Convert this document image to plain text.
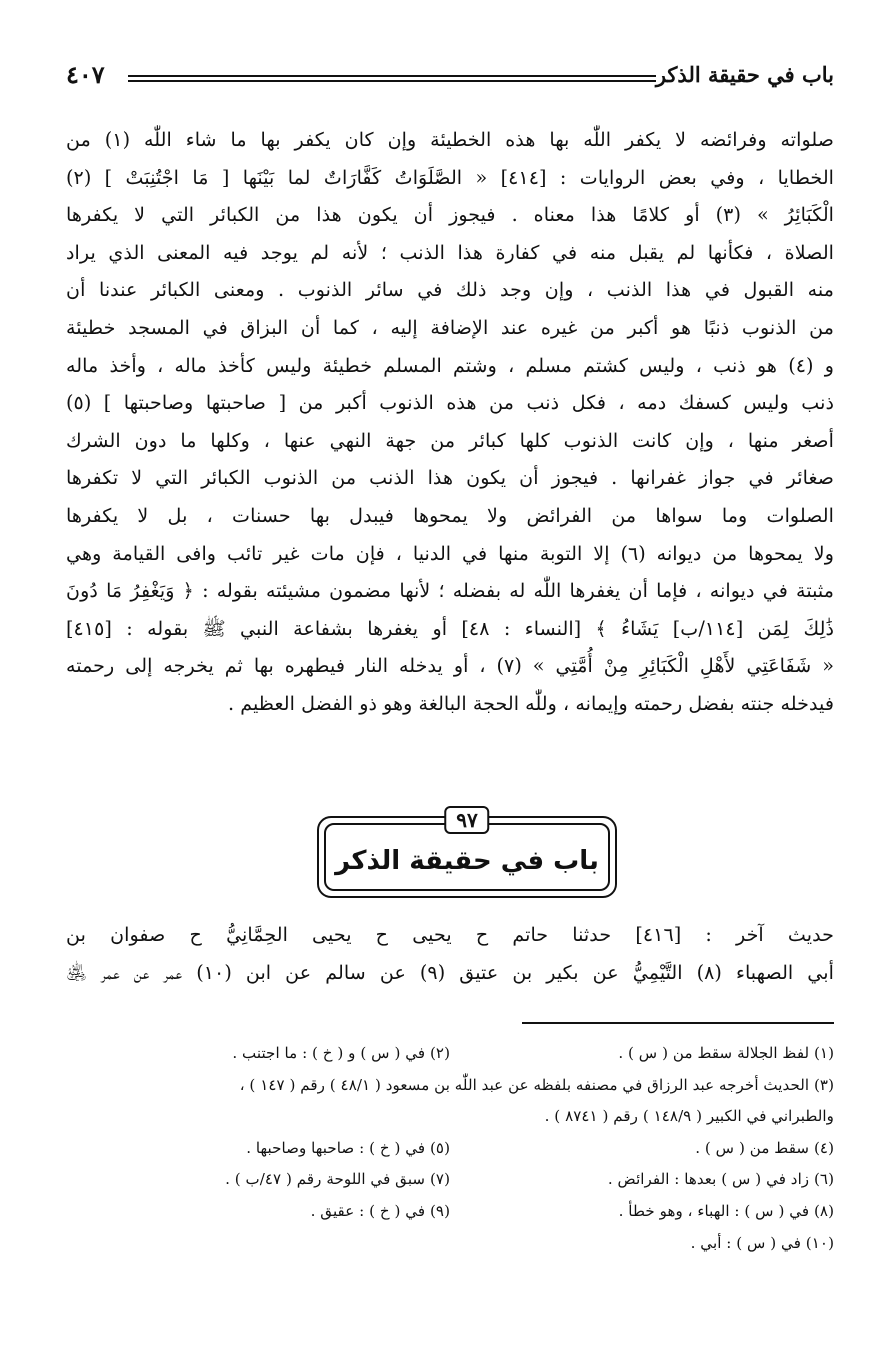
باب في حقيقة الذكر
٤٠٧
صلواته وفرائضه لا يكفر اللّٰه بها هذه الخطيئة وإن كان يكفر بها ما شاء اللّٰه (١) من
الخطايا ، وفي بعض الروايات : [٤١٤] « الصَّلَوَاتُ كَفَّارَاتٌ لما بَيْنَها [ مَا اجْتُنِبَتْ ] (٢)
الْكَبَائِرُ » (٣) أو كلامًا هذا معناه . فيجوز أن يكون هذا من الكبائر التي لا يكفرها
الصلاة ، فكأنها لم يقبل منه في كفارة هذا الذنب ؛ لأنه لم يوجد فيه المعنى الذي يراد
منه القبول في هذا الذنب ، وإن وجد ذلك في سائر الذنوب . ومعنى الكبائر عندنا أن
من الذنوب ذنبًا هو أكبر من غيره عند الإضافة إليه ، كما أن البزاق في المسجد خطيئة
و (٤) هو ذنب ، وليس كشتم مسلم ، وشتم المسلم خطيئة وليس كأخذ ماله ، وأخذ ماله
ذنب وليس كسفك دمه ، فكل ذنب من هذه الذنوب أكبر من [ صاحبتها وصاحبتها ] (٥)
أصغر منها ، وإن كانت الذنوب كلها كبائر من جهة النهي عنها ، وكلها ما دون الشرك
صغائر في جواز غفرانها . فيجوز أن يكون هذا الذنب من الذنوب الكبائر التي لا تكفرها
الصلوات وما سواها من الفرائض ولا يمحوها فيبدل بها حسنات ، بل لا يكفرها
ولا يمحوها من ديوانه (٦) إلا التوبة منها في الدنيا ، فإن مات غير تائب وافى القيامة وهي
مثبتة في ديوانه ، فإما أن يغفرها اللّٰه له بفضله ؛ لأنها مضمون مشيئته بقوله : ﴿ وَيَغْفِرُ مَا دُونَ
ذَٰلِكَ لِمَن [١١٤/ب] يَشَاءُ ﴾ [النساء : ٤٨] أو يغفرها بشفاعة النبي ﷺ بقوله : [٤١٥]
« شَفَاعَتِي لأَهْلِ الْكَبَائِرِ مِنْ أُمَّتِي » (٧) ، أو يدخله النار فيطهره بها ثم يخرجه إلى رحمته
فيدخله جنته بفضل رحمته وإيمانه ، وللّٰه الحجة البالغة وهو ذو الفضل العظيم .
٩٧
باب في حقيقة الذكر
حديث آخر : [٤١٦] حدثنا حاتم ح يحيى ح يحيى الحِمَّانِيُّ ح صفوان بن
أبي الصهباء (٨) التَّيْمِيُّ عن بكير بن عتيق (٩) عن سالم عن ابن (١٠) عمر عن عمر ﵁
(١) لفظ الجلالة سقط من ( س ) .
(٢) في ( س ) و ( خ ) : ما اجتنب .
(٣) الحديث أخرجه عبد الرزاق في مصنفه بلفظه عن عبد اللّٰه بن مسعود ( ٤٨/١ ) رقم ( ١٤٧ ) ،
والطبراني في الكبير ( ١٤٨/٩ ) رقم ( ٨٧٤١ ) .
(٤) سقط من ( س ) .
(٥) في ( خ ) : صاحبها وصاحبها .
(٦) زاد في ( س ) بعدها : الفرائض .
(٧) سبق في اللوحة رقم ( ٤٧/ب ) .
(٨) في ( س ) : الهباء ، وهو خطأ .
(٩) في ( خ ) : عقيق .
(١٠) في ( س ) : أبي .
